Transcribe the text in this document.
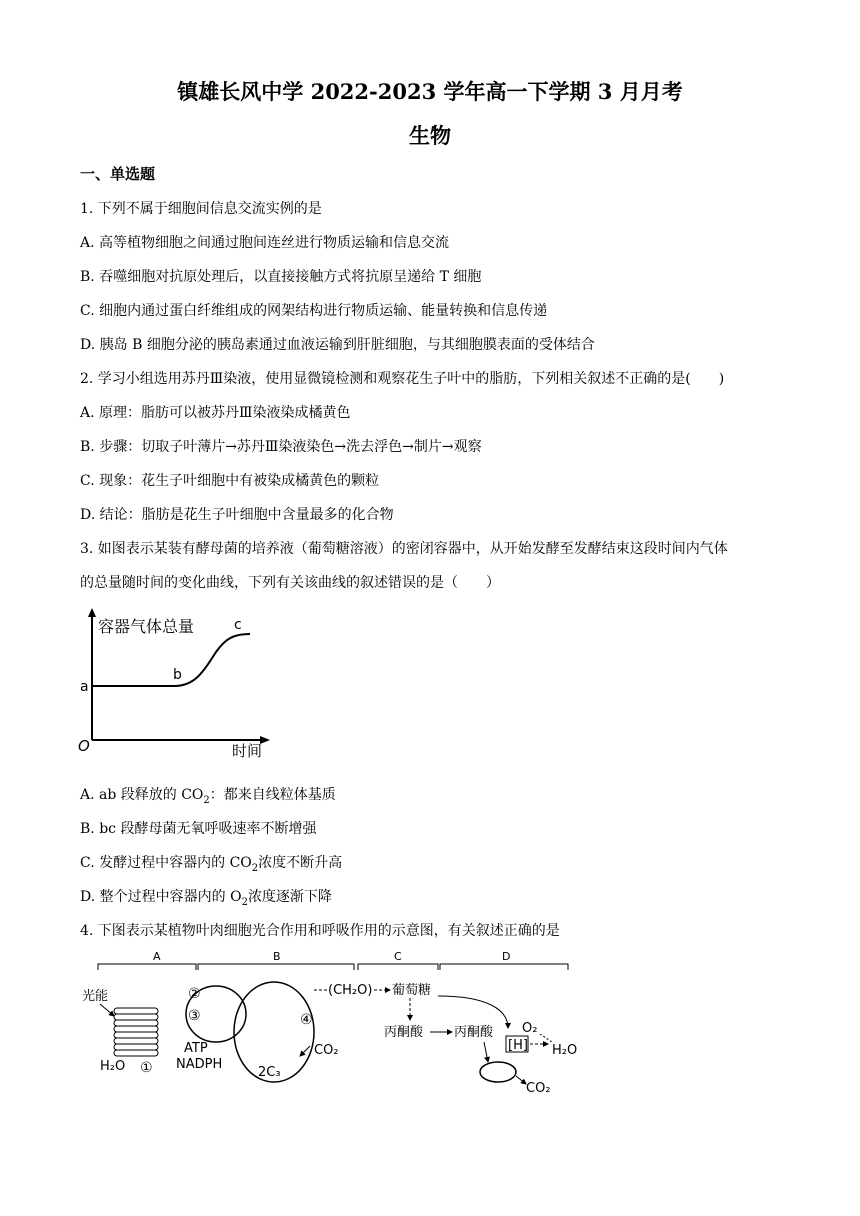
镇雄长风中学 2022-2023 学年高一下学期 3 月月考
生物
一、单选题
1. 下列不属于细胞间信息交流实例的是
A. 高等植物细胞之间通过胞间连丝进行物质运输和信息交流
B. 吞噬细胞对抗原处理后，以直接接触方式将抗原呈递给 T 细胞
C. 细胞内通过蛋白纤维组成的网架结构进行物质运输、能量转换和信息传递
D. 胰岛 B 细胞分泌的胰岛素通过血液运输到肝脏细胞，与其细胞膜表面的受体结合
2. 学习小组选用苏丹Ⅲ染液，使用显微镜检测和观察花生子叶中的脂肪，下列相关叙述不正确的是(　　)
A. 原理：脂肪可以被苏丹Ⅲ染液染成橘黄色
B. 步骤：切取子叶薄片→苏丹Ⅲ染液染色→洗去浮色→制片→观察
C. 现象：花生子叶细胞中有被染成橘黄色的颗粒
D. 结论：脂肪是花生子叶细胞中含量最多的化合物
3. 如图表示某装有酵母菌的培养液（葡萄糖溶液）的密闭容器中，从开始发酵至发酵结束这段时间内气体
的总量随时间的变化曲线，下列有关该曲线的叙述错误的是（　　）
容器气体总量
时间
O
a
b
c
A. ab 段释放的 $CO_2$：都来自线粒体基质
B. bc 段酵母菌无氧呼吸速率不断增强
C. 发酵过程中容器内的 $CO_2$浓度不断升高
D. 整个过程中容器内的 $O_2$浓度逐渐下降
4. 下图表示某植物叶肉细胞光合作用和呼吸作用的示意图，有关叙述正确的是
A	B	C	D
光能	②
③	④
①
ATP
NADPH
H₂O	2C₃
CO₂
(CH₂O) 葡萄糖
丙酮酸 丙酮酸
[H]
O₂
H₂O
CO₂
